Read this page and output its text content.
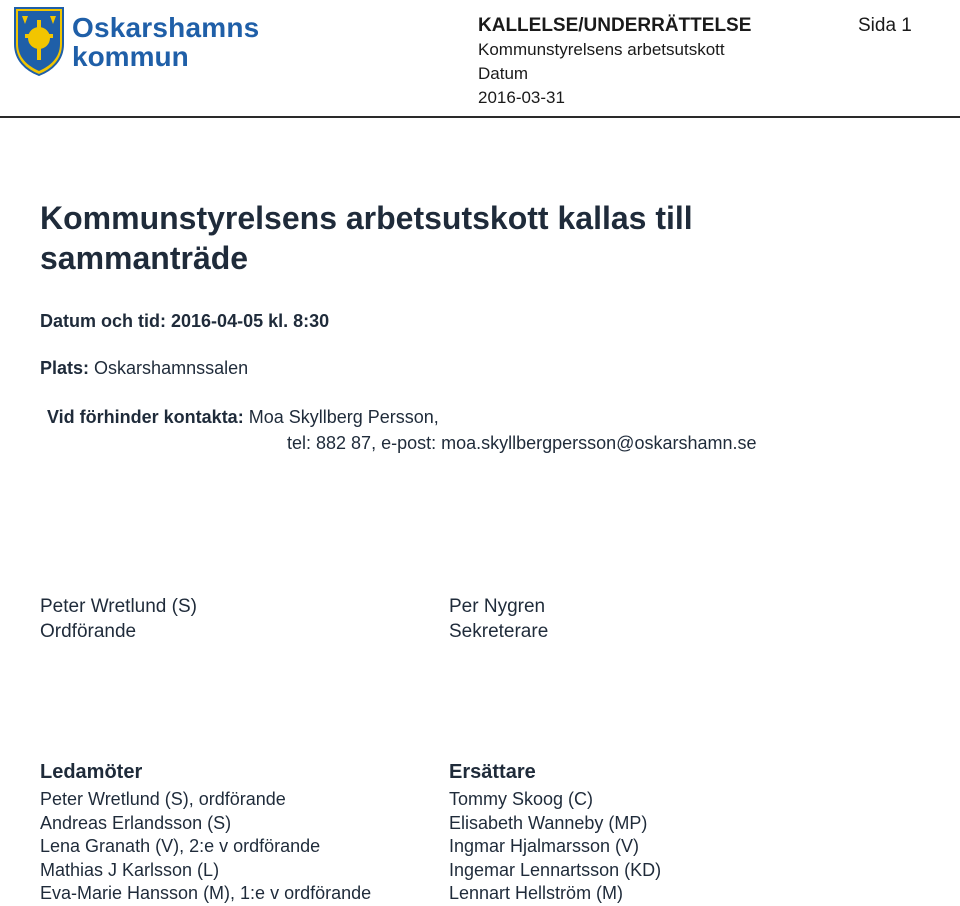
Oskarshamns
kommun
KALLELSE/UNDERRÄTTELSE
Kommunstyrelsens arbetsutskott
Datum
2016-03-31
Sida 1
Kommunstyrelsens arbetsutskott kallas till sammanträde
Datum och tid: 2016-04-05 kl. 8:30
Plats: Oskarshamnssalen
Vid förhinder kontakta: Moa Skyllberg Persson,
tel: 882 87, e-post: moa.skyllbergpersson@oskarshamn.se
Peter Wretlund (S)
Ordförande
Per Nygren
Sekreterare
Ledamöter
Peter Wretlund (S), ordförande
Andreas Erlandsson (S)
Lena Granath (V), 2:e v ordförande
Mathias J Karlsson (L)
Eva-Marie Hansson (M), 1:e v ordförande
Ersättare
Tommy Skoog (C)
Elisabeth Wanneby (MP)
Ingmar Hjalmarsson (V)
Ingemar Lennartsson (KD)
Lennart Hellström (M)
